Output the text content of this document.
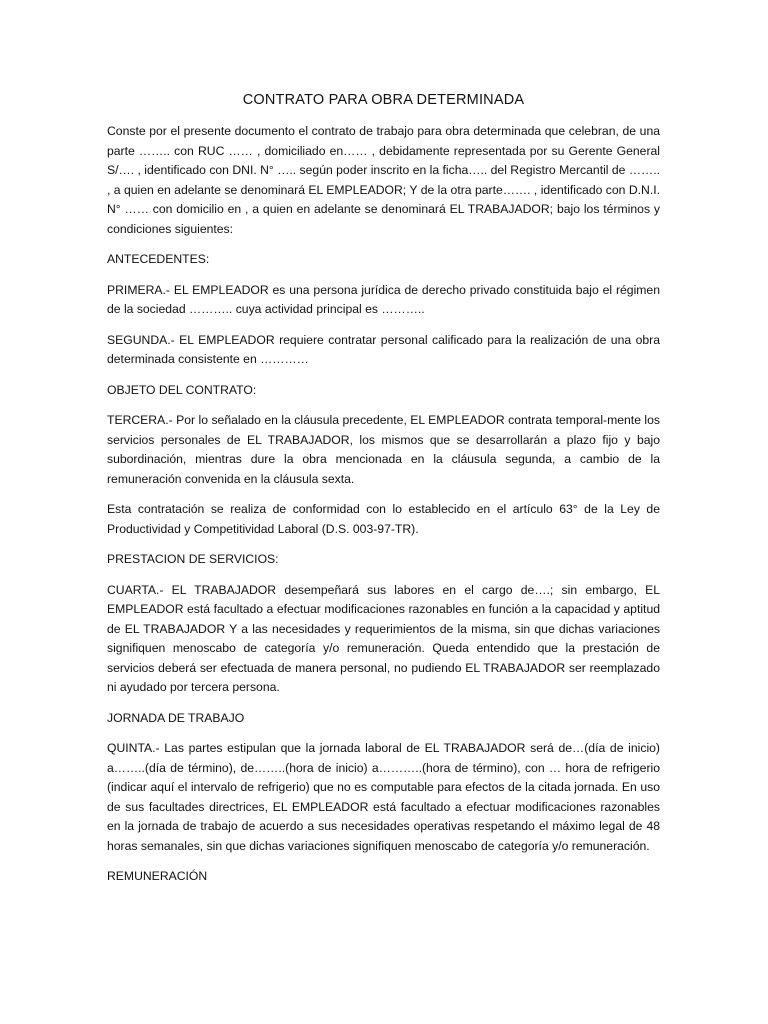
CONTRATO PARA OBRA DETERMINADA

Conste por el presente documento el contrato de trabajo para obra determinada que celebran, de una parte …….. con RUC …… , domiciliado en…… , debidamente representada por su Gerente General S/…. , identificado con DNI. N° ….. según poder inscrito en la ficha….. del Registro Mercantil de …….. , a quien en adelante se denominará EL EMPLEADOR; Y de la otra parte……. , identificado con D.N.I. N° …… con domicilio en , a quien en adelante se denominará EL TRABAJADOR; bajo los términos y condiciones siguientes:

ANTECEDENTES:

PRIMERA.- EL EMPLEADOR es una persona jurídica de derecho privado constituida bajo el régimen de la sociedad ……….. cuya actividad principal es ………..

SEGUNDA.- EL EMPLEADOR requiere contratar personal calificado para la realización de una obra determinada consistente en …………

OBJETO DEL CONTRATO:

TERCERA.- Por lo señalado en la cláusula precedente, EL EMPLEADOR contrata temporal-mente los servicios personales de EL TRABAJADOR, los mismos que se desarrollarán a plazo fijo y bajo subordinación, mientras dure la obra mencionada en la cláusula segunda, a cambio de la remuneración convenida en la cláusula sexta.

Esta contratación se realiza de conformidad con lo establecido en el artículo 63° de la Ley de Productividad y Competitividad Laboral (D.S. 003-97-TR).

PRESTACION DE SERVICIOS:

CUARTA.- EL TRABAJADOR desempeñará sus labores en el cargo de….; sin embargo, EL EMPLEADOR está facultado a efectuar modificaciones razonables en función a la capacidad y aptitud de EL TRABAJADOR Y a las necesidades y requerimientos de la misma, sin que dichas variaciones signifiquen menoscabo de categoría y/o remuneración. Queda entendido que la prestación de servicios deberá ser efectuada de manera personal, no pudiendo EL TRABAJADOR ser reemplazado ni ayudado por tercera persona.

JORNADA DE TRABAJO

QUINTA.- Las partes estipulan que la jornada laboral de EL TRABAJADOR será de…(día de inicio) a……..(día de término), de……..(hora de inicio) a………..(hora de término), con … hora de refrigerio (indicar aquí el intervalo de refrigerio) que no es computable para efectos de la citada jornada. En uso de sus facultades directrices, EL EMPLEADOR está facultado a efectuar modificaciones razonables en la jornada de trabajo de acuerdo a sus necesidades operativas respetando el máximo legal de 48 horas semanales, sin que dichas variaciones signifiquen menoscabo de categoría y/o remuneración.

REMUNERACIÓN
